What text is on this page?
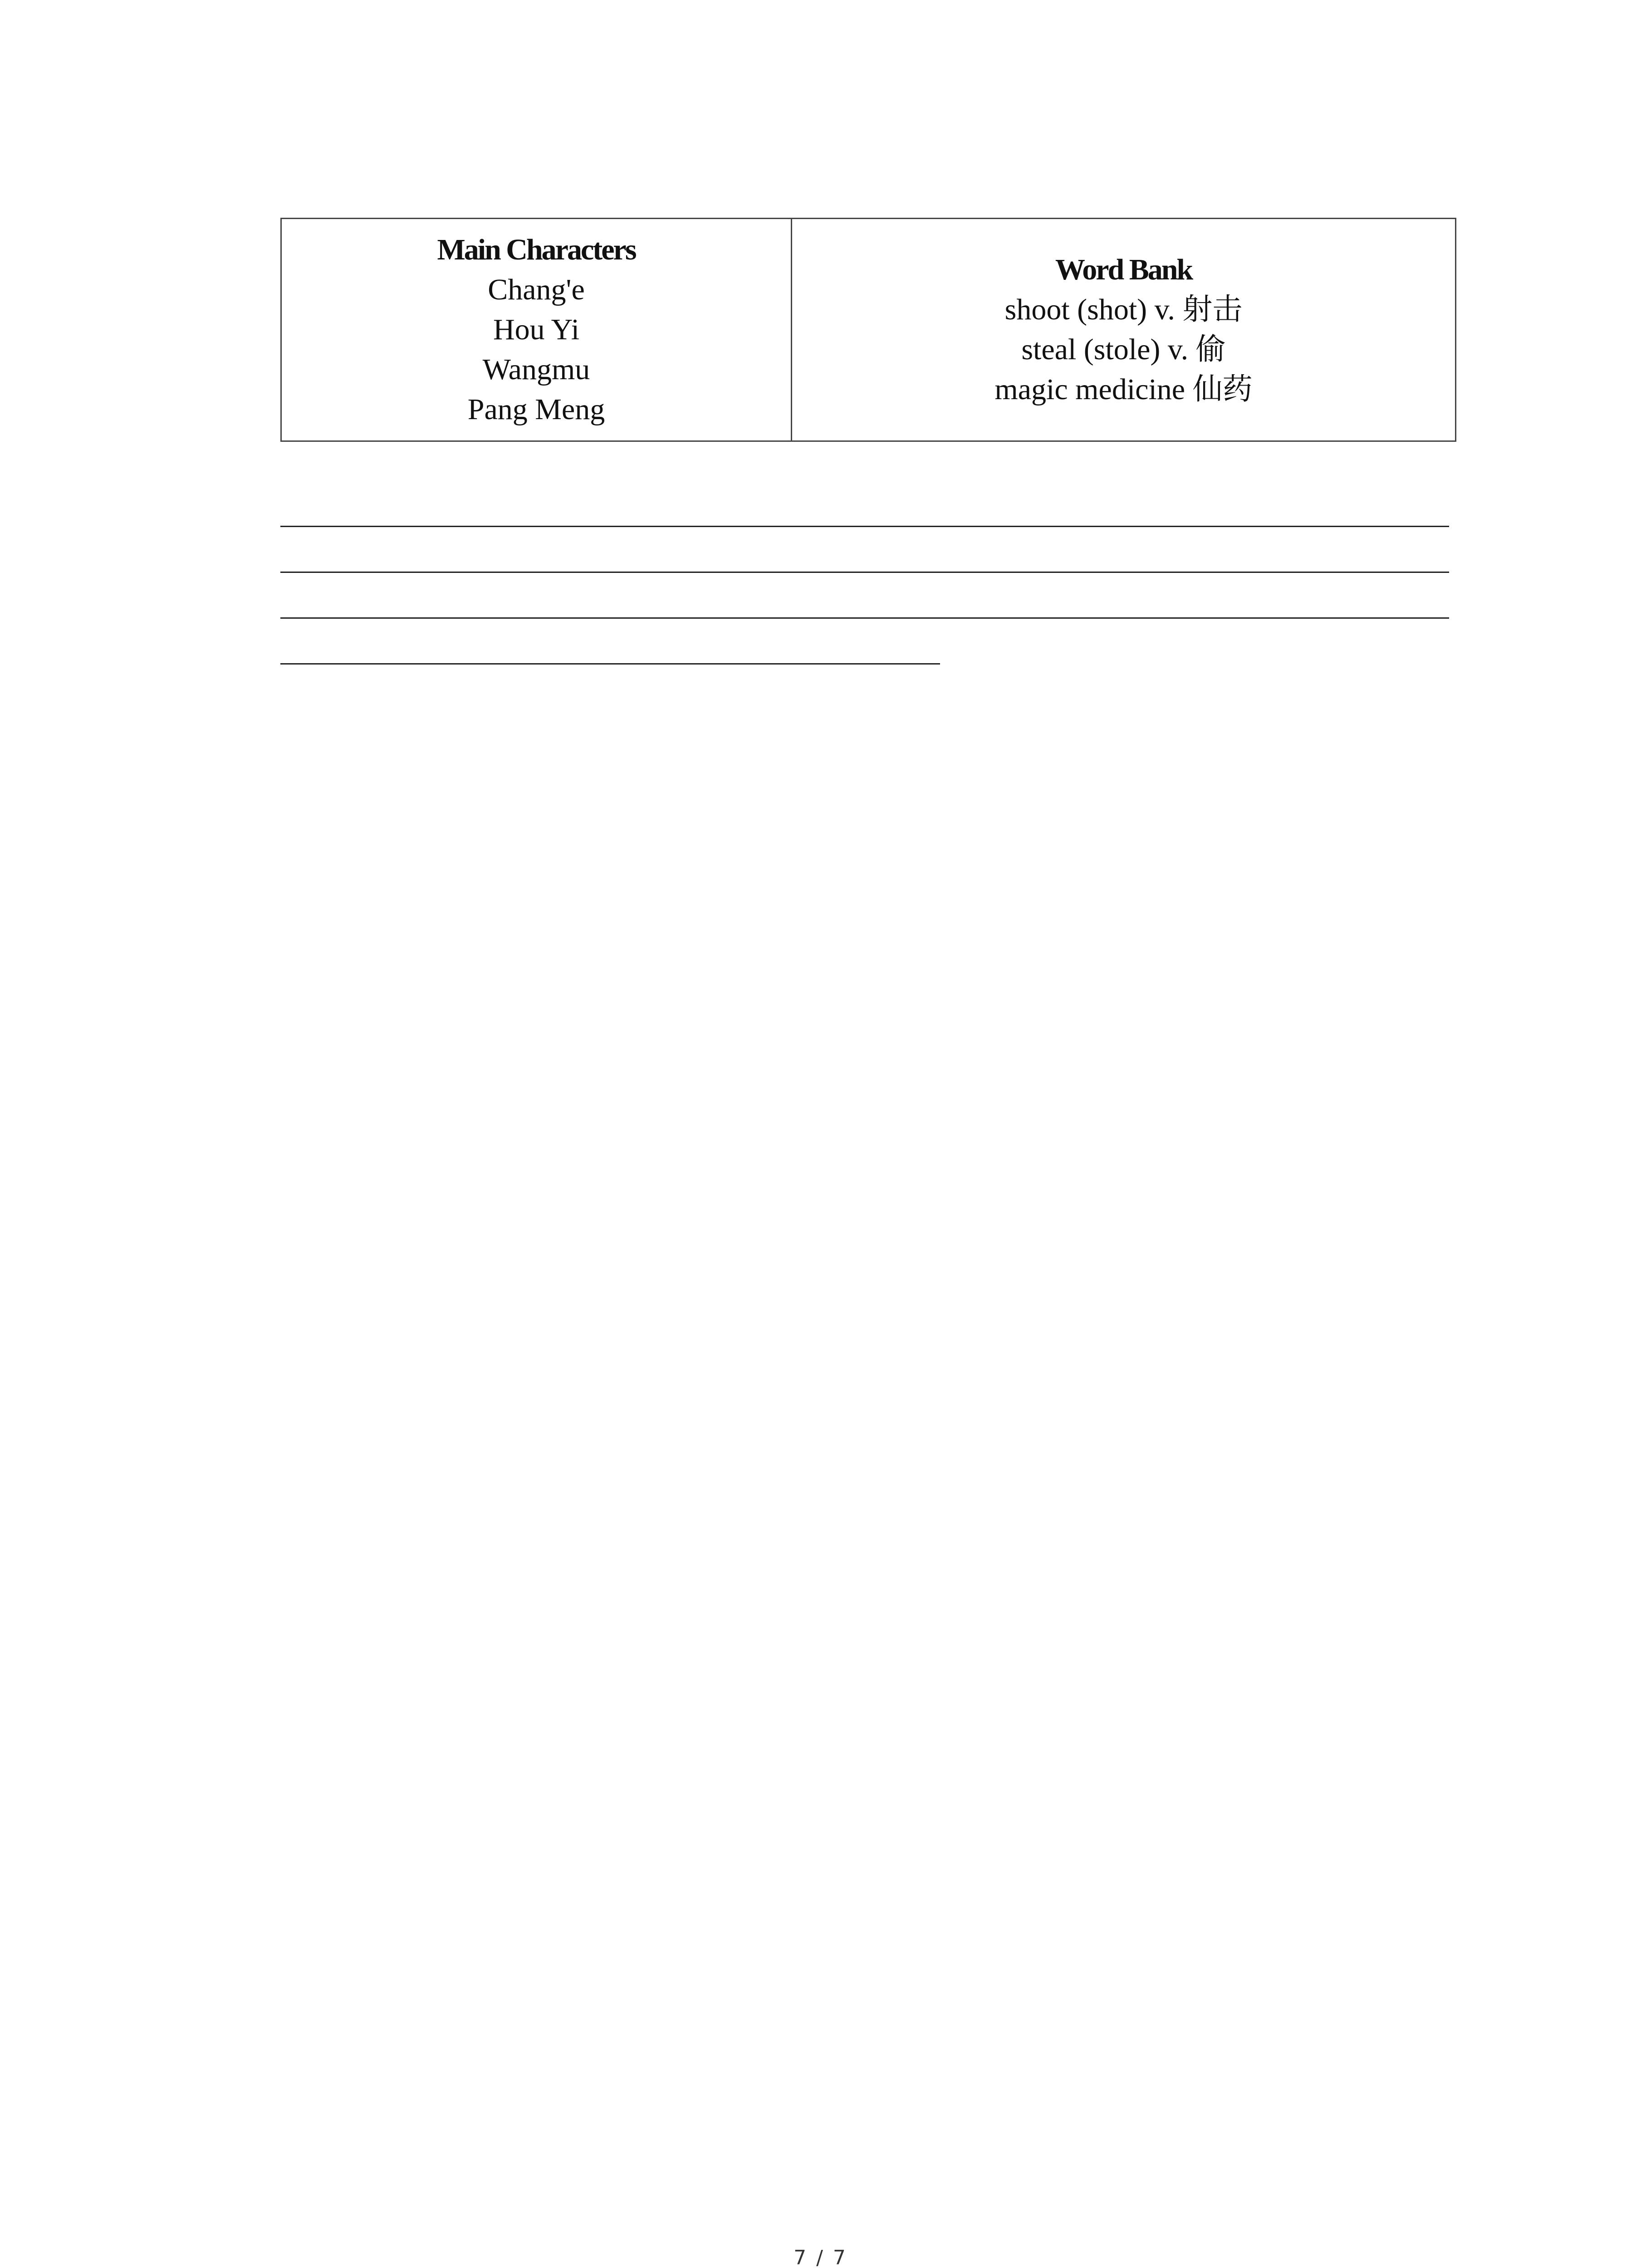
Main Characters
Chang'e
Hou Yi
Wangmu
Pang Meng
Word Bank
shoot (shot) v. 射击
steal (stole) v. 偷
magic medicine 仙药
7 / 7
